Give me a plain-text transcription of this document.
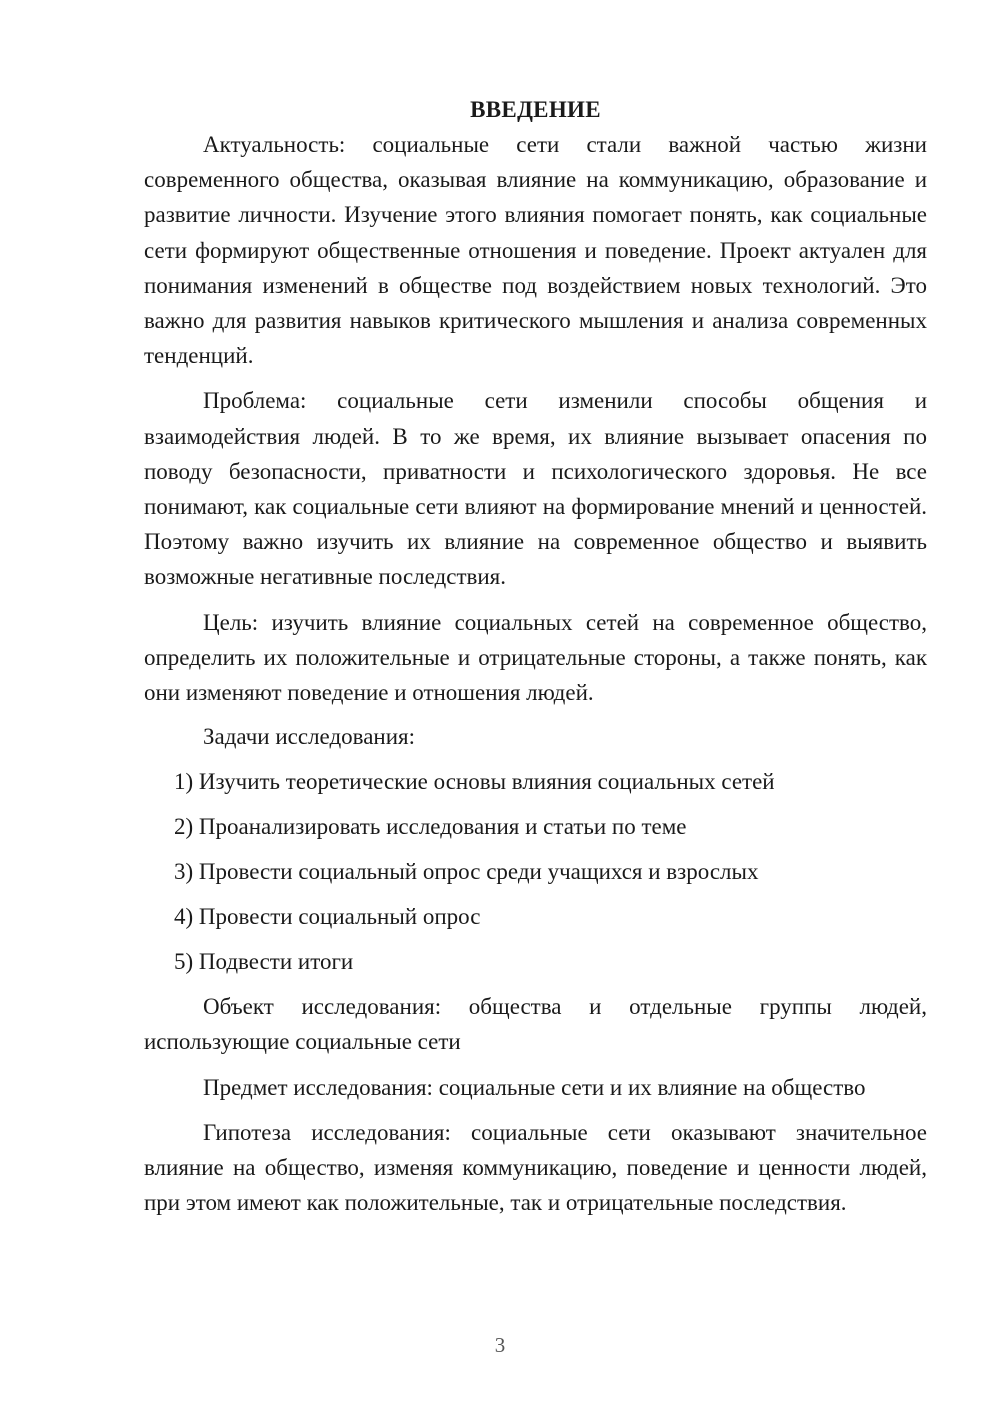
ВВЕДЕНИЕ

Актуальность: социальные сети стали важной частью жизни современного общества, оказывая влияние на коммуникацию, образование и развитие личности. Изучение этого влияния помогает понять, как социальные сети формируют общественные отношения и поведение. Проект актуален для понимания изменений в обществе под воздействием новых технологий. Это важно для развития навыков критического мышления и анализа современных тенденций.

Проблема: социальные сети изменили способы общения и взаимодействия людей. В то же время, их влияние вызывает опасения по поводу безопасности, приватности и психологического здоровья. Не все понимают, как социальные сети влияют на формирование мнений и ценностей. Поэтому важно изучить их влияние на современное общество и выявить возможные негативные последствия.

Цель: изучить влияние социальных сетей на современное общество, определить их положительные и отрицательные стороны, а также понять, как они изменяют поведение и отношения людей.

Задачи исследования:

1) Изучить теоретические основы влияния социальных сетей
2) Проанализировать исследования и статьи по теме
3) Провести социальный опрос среди учащихся и взрослых
4) Провести социальный опрос
5) Подвести итоги

Объект исследования: общества и отдельные группы людей, использующие социальные сети

Предмет исследования: социальные сети и их влияние на общество

Гипотеза исследования: социальные сети оказывают значительное влияние на общество, изменяя коммуникацию, поведение и ценности людей, при этом имеют как положительные, так и отрицательные последствия.

3
